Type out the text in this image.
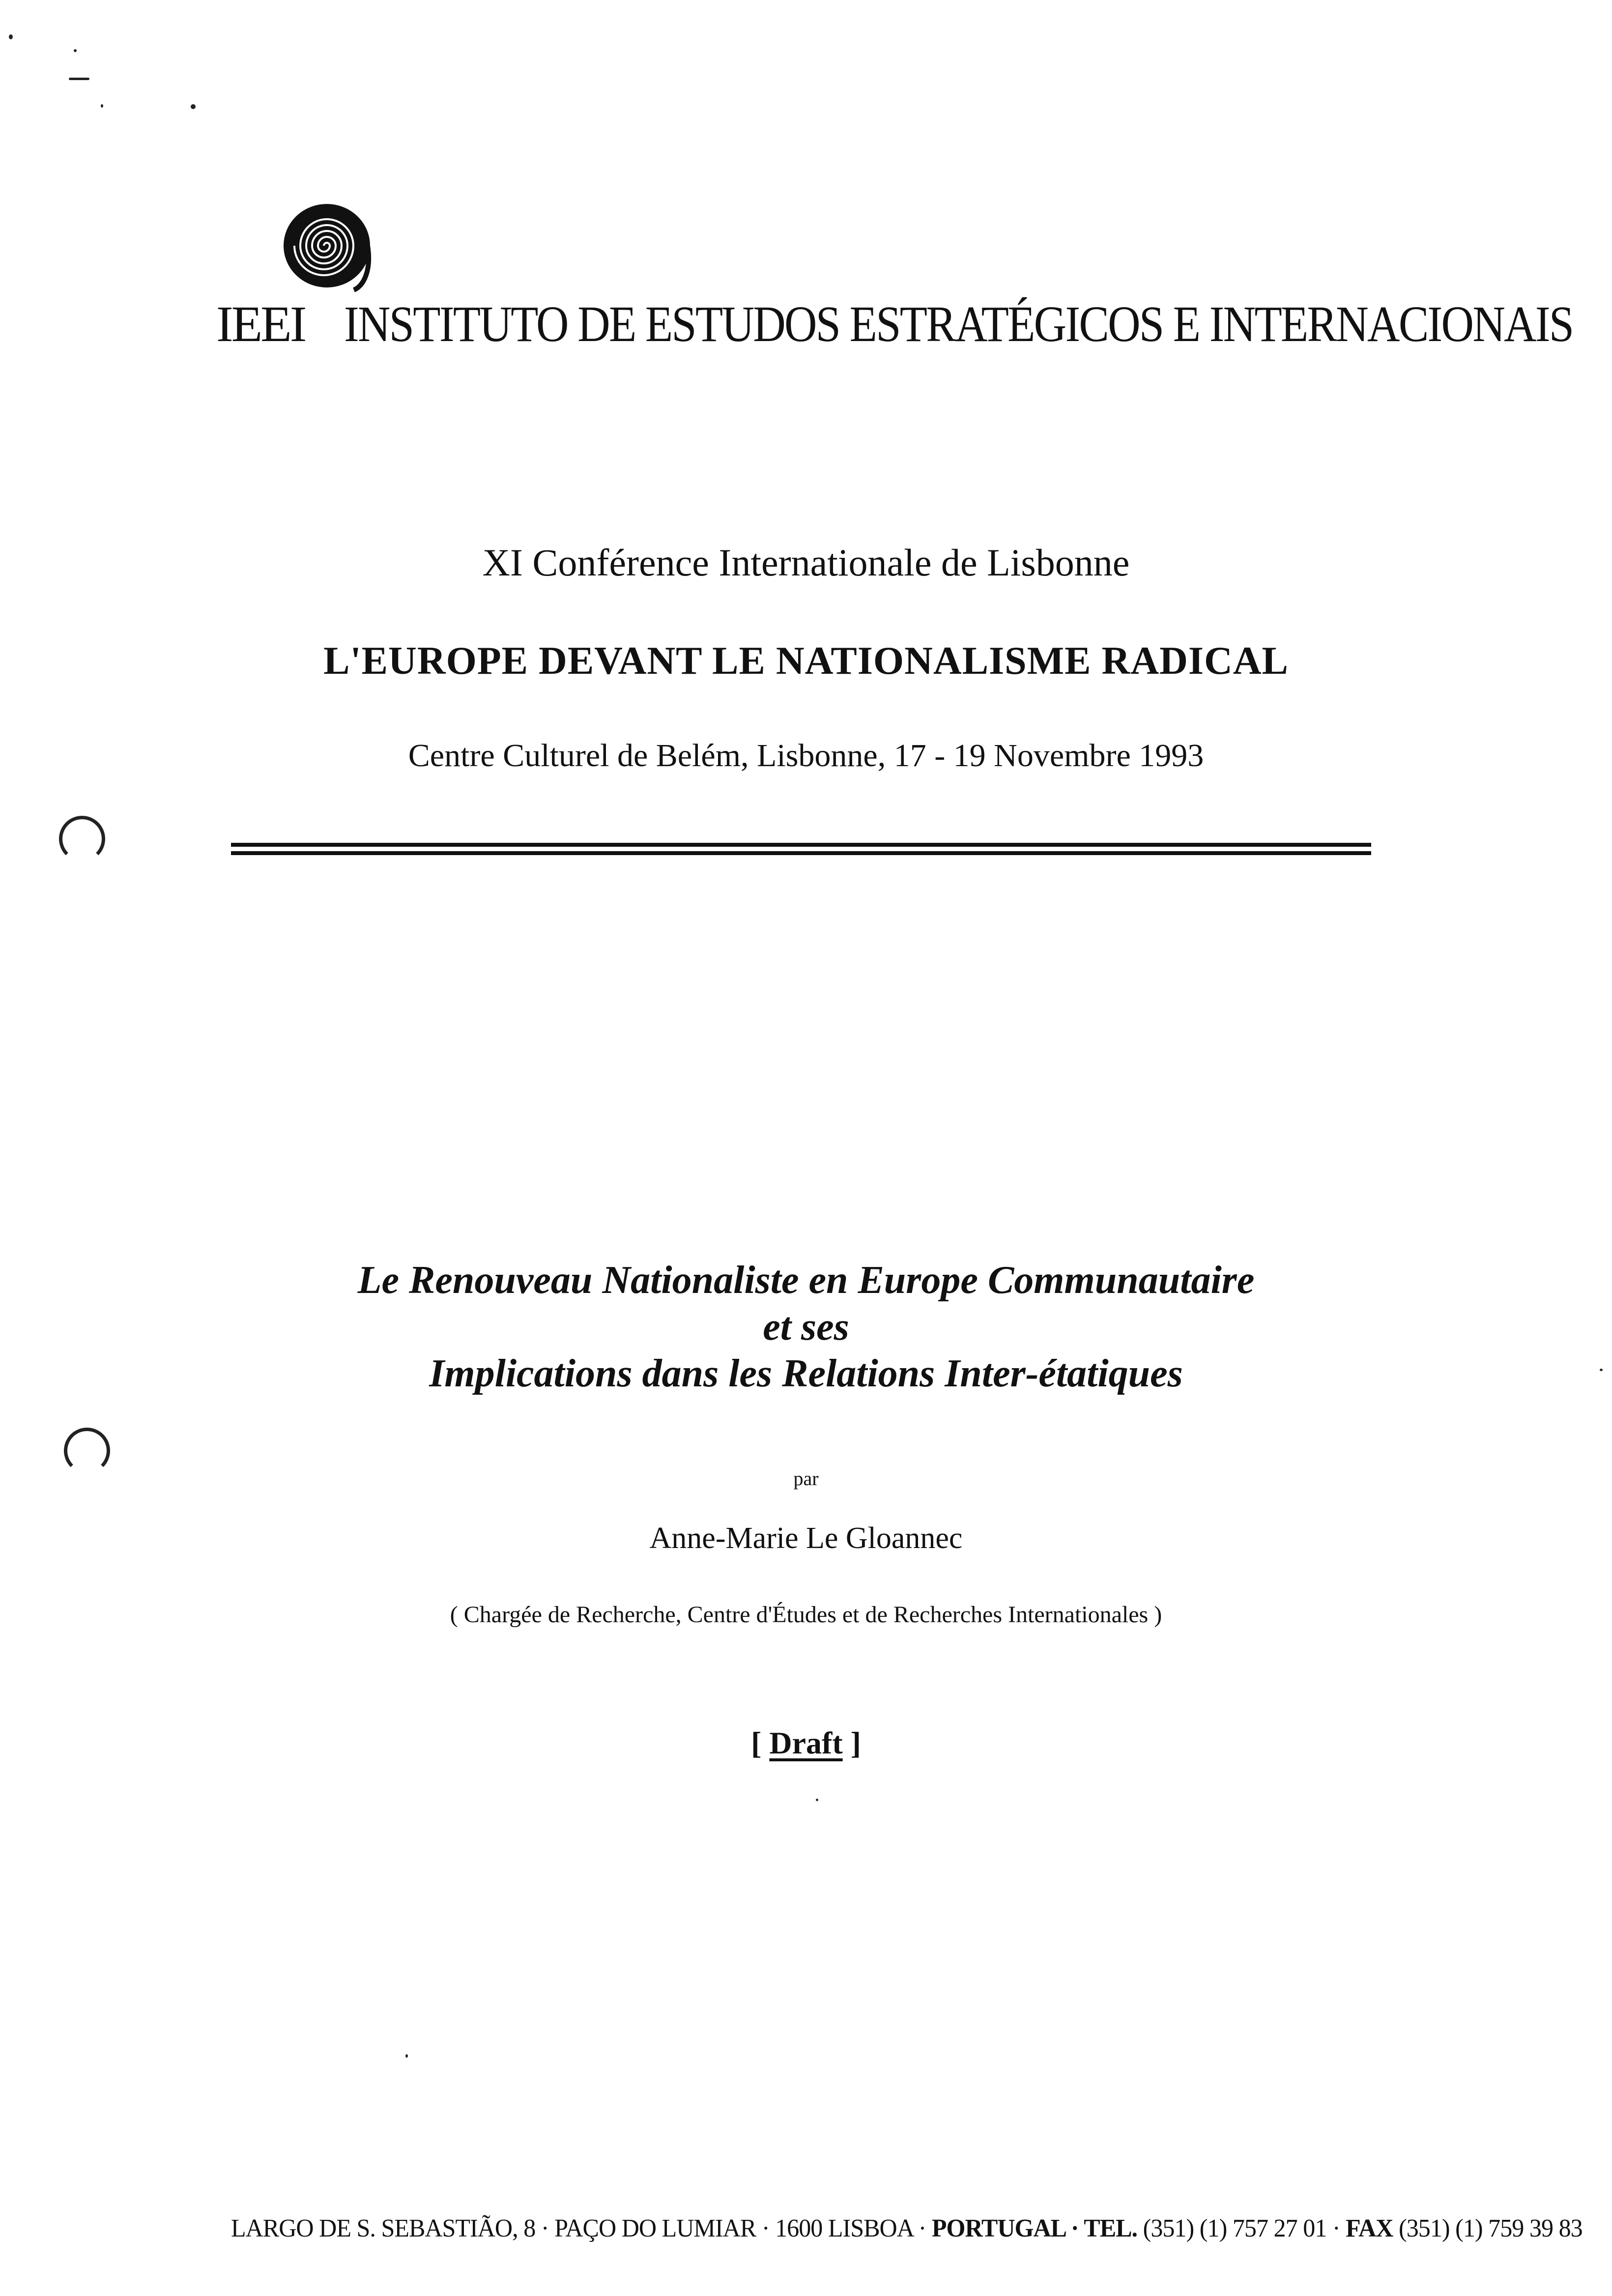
IEEI INSTITUTO DE ESTUDOS ESTRATÉGICOS E INTERNACIONAIS
XI Conférence Internationale de Lisbonne
L'EUROPE DEVANT LE NATIONALISME RADICAL
Centre Culturel de Belém, Lisbonne, 17 - 19 Novembre 1993
Le Renouveau Nationaliste en Europe Communautaire
et ses
Implications dans les Relations Inter-étatiques
par
Anne-Marie Le Gloannec
( Chargée de Recherche, Centre d'Études et de Recherches Internationales )
[ Draft ]
LARGO DE S. SEBASTIÃO, 8 · PAÇO DO LUMIAR · 1600 LISBOA · PORTUGAL · TEL. (351) (1) 757 27 01 · FAX (351) (1) 759 39 83
